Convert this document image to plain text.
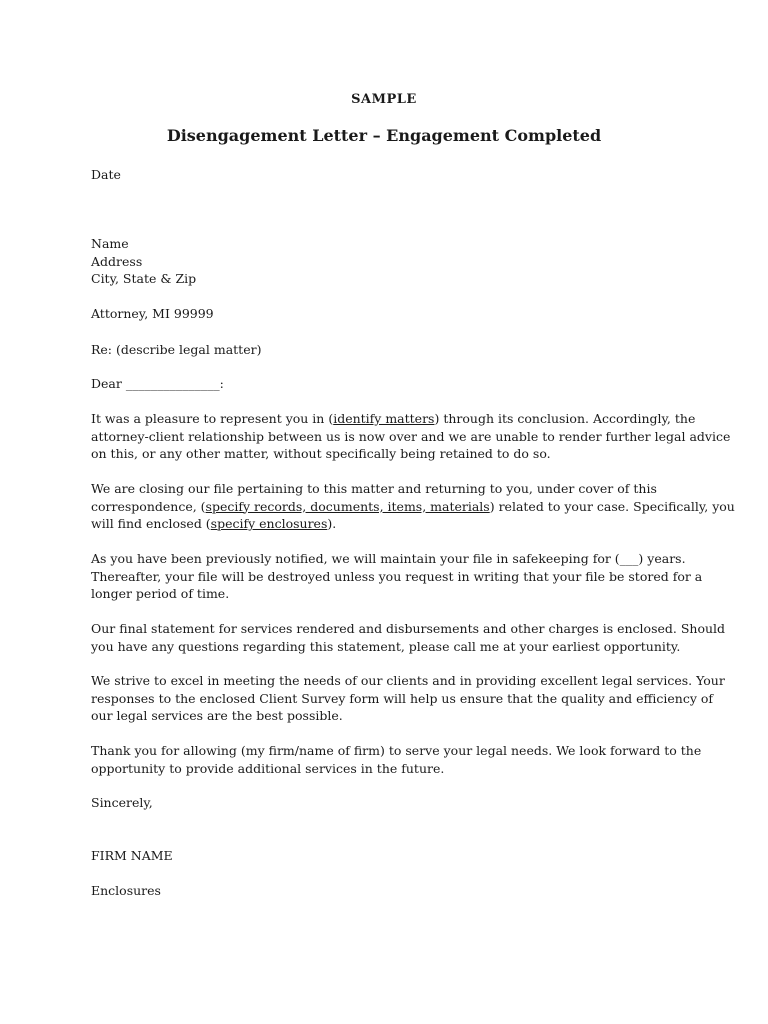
SAMPLE
Disengagement Letter – Engagement Completed
Date
Name
Address
City, State & Zip
Attorney, MI 99999
Re: (describe legal matter)
Dear _______________:
It was a pleasure to represent you in (identify matters) through its conclusion. Accordingly, the
attorney-client relationship between us is now over and we are unable to render further legal advice
on this, or any other matter, without specifically being retained to do so.
We are closing our file pertaining to this matter and returning to you, under cover of this
correspondence, (specify records, documents, items, materials) related to your case. Specifically, you
will find enclosed (specify enclosures).
As you have been previously notified, we will maintain your file in safekeeping for (___) years.
Thereafter, your file will be destroyed unless you request in writing that your file be stored for a
longer period of time.
Our final statement for services rendered and disbursements and other charges is enclosed. Should
you have any questions regarding this statement, please call me at your earliest opportunity.
We strive to excel in meeting the needs of our clients and in providing excellent legal services. Your
responses to the enclosed Client Survey form will help us ensure that the quality and efficiency of
our legal services are the best possible.
Thank you for allowing (my firm/name of firm) to serve your legal needs. We look forward to the
opportunity to provide additional services in the future.
Sincerely,
FIRM NAME
Enclosures
